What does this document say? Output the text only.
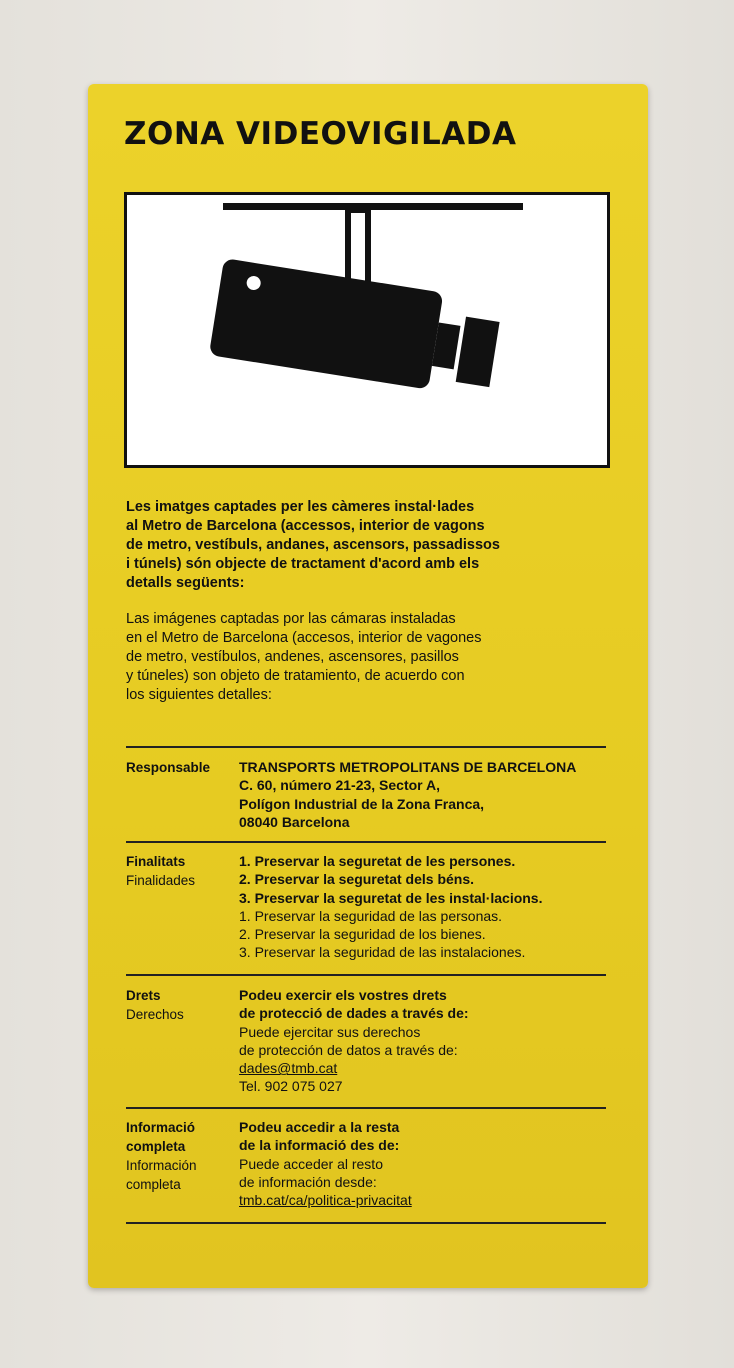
ZONA VIDEOVIGILADA
Les imatges captades per les càmeres instal·lades
al Metro de Barcelona (accessos, interior de vagons
de metro, vestíbuls, andanes, ascensors, passadissos
i túnels) són objecte de tractament d'acord amb els
detalls següents:
Las imágenes captadas por las cámaras instaladas
en el Metro de Barcelona (accesos, interior de vagones
de metro, vestíbulos, andenes, ascensores, pasillos
y túneles) son objeto de tratamiento, de acuerdo con
los siguientes detalles:
Responsable	TRANSPORTS METROPOLITANS DE BARCELONA
C. 60, número 21-23, Sector A,
Polígon Industrial de la Zona Franca,
08040 Barcelona
Finalitats
Finalidades
1. Preservar la seguretat de les persones.
2. Preservar la seguretat dels béns.
3. Preservar la seguretat de les instal·lacions.
1. Preservar la seguridad de las personas.
2. Preservar la seguridad de los bienes.
3. Preservar la seguridad de las instalaciones.
Drets
Derechos
Podeu exercir els vostres drets
de protecció de dades a través de:
Puede ejercitar sus derechos
de protección de datos a través de:
dades@tmb.cat
Tel. 902 075 027
Informació
completa
Información
completa
Podeu accedir a la resta
de la informació des de:
Puede acceder al resto
de información desde:
tmb.cat/ca/politica-privacitat
